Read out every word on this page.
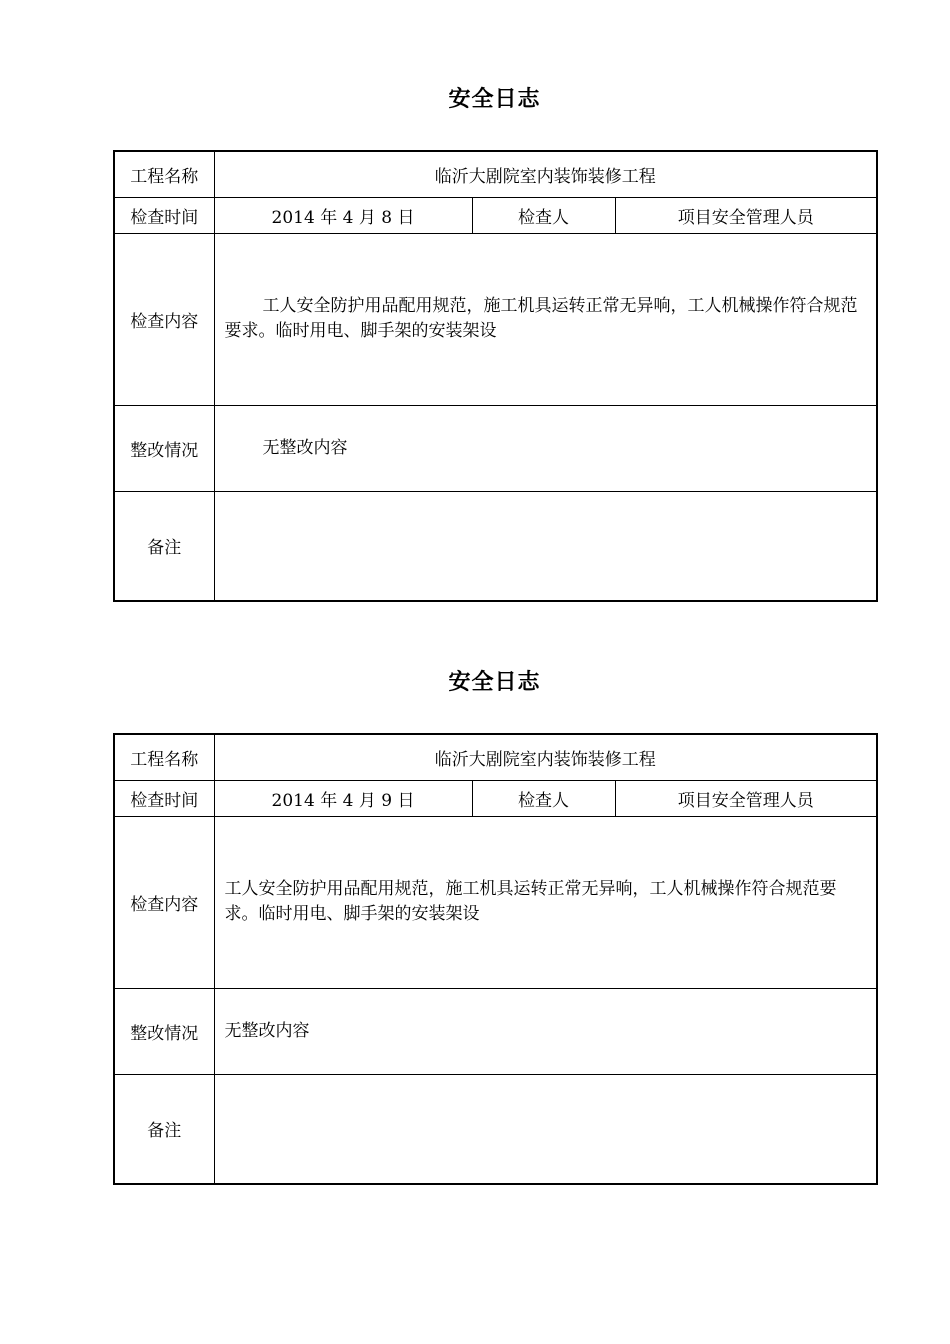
安全日志
工程名称	临沂大剧院室内装饰装修工程		
检查时间	2014 年 4 月 8 日	检查人	项目安全管理人员
检查内容	工人安全防护用品配用规范，施工机具运转正常无异响，工人机械操作符合规范要求。临时用电、脚手架的安装架设		

整改情况	无整改内容		

备注			
安全日志
工程名称	临沂大剧院室内装饰装修工程		
检查时间	2014 年 4 月 9 日	检查人	项目安全管理人员
检查内容	工人安全防护用品配用规范，施工机具运转正常无异响，工人机械操作符合规范要求。临时用电、脚手架的安装架设		

整改情况	无整改内容		

备注			
